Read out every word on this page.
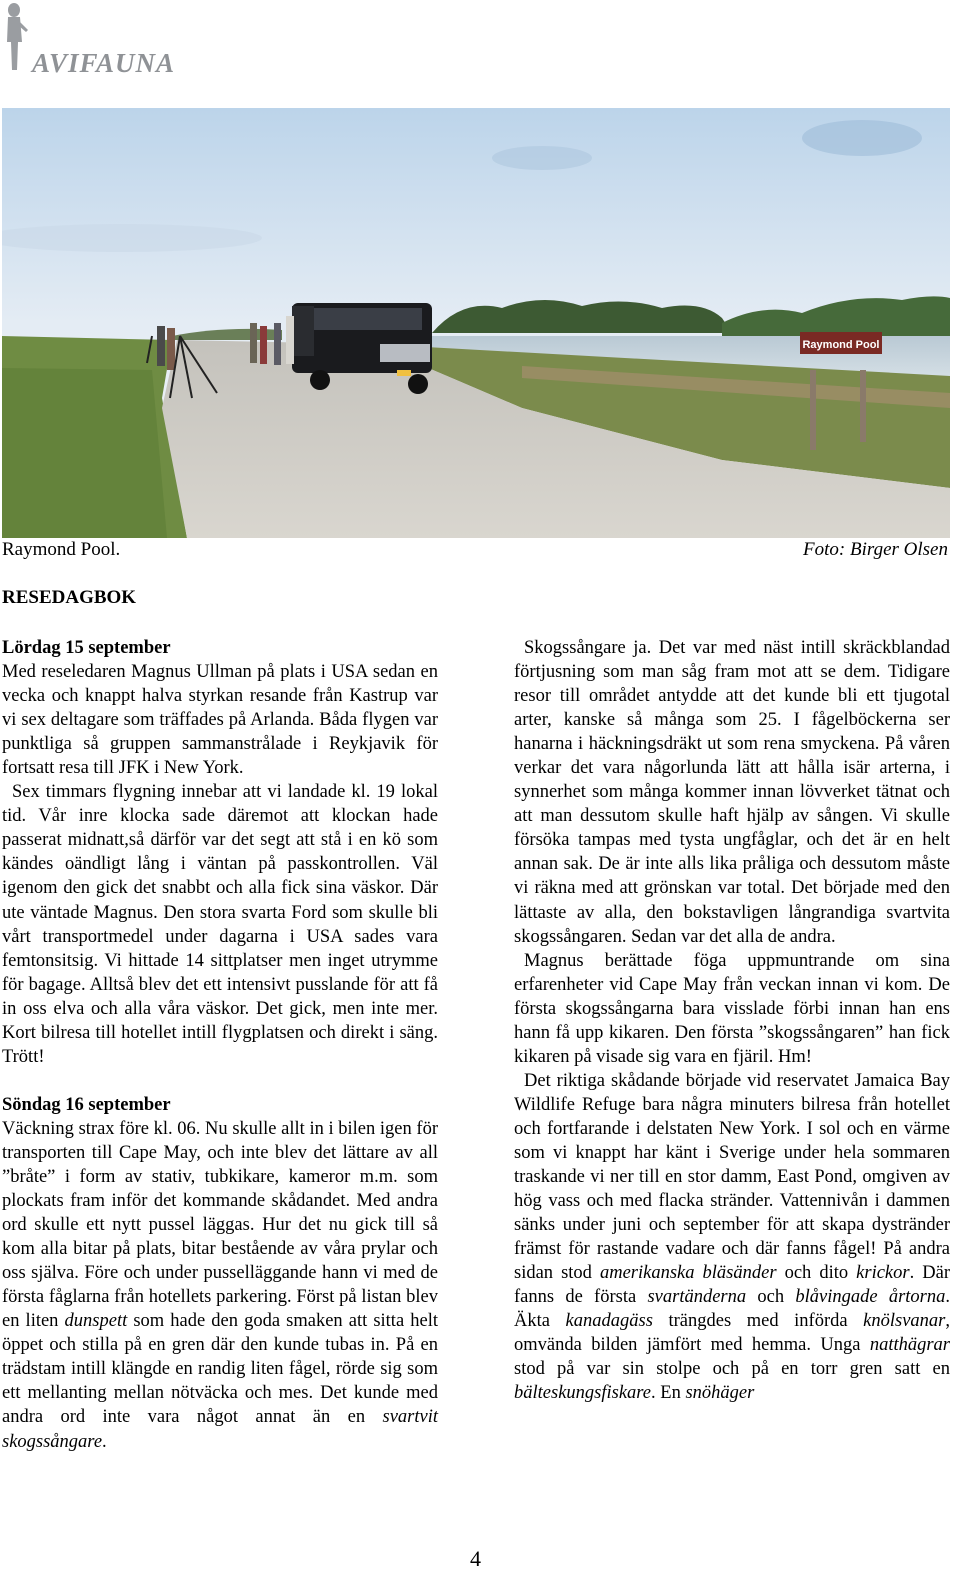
AVIFAUNA
Raymond Pool
Raymond Pool.	Foto: Birger Olsen
RESEDAGBOK

Lördag 15 september

Med reseledaren Magnus Ullman på plats i USA sedan en vecka och knappt halva styrkan resande från Kastrup var vi sex deltagare som träffades på Arlanda. Båda flygen var punktliga så gruppen sammanstrålade i Reykjavik för fortsatt resa till JFK i New York.

Sex timmars flygning innebar att vi landade kl. 19 lokal tid. Vår inre klocka sade däremot att klockan hade passerat midnatt,så därför var det segt att stå i en kö som kändes oändligt lång i väntan på passkontrollen. Väl igenom den gick det snabbt och alla fick sina väskor. Där ute väntade Magnus. Den stora svarta Ford som skulle bli vårt transportmedel under dagarna i USA sades vara femtonsitsig. Vi hittade 14 sittplatser men inget utrymme för bagage. Alltså blev det ett intensivt pusslande för att få in oss elva och alla våra väskor. Det gick, men inte mer. Kort bilresa till hotellet intill flygplatsen och direkt i säng. Trött!

Söndag 16 september

Väckning strax före kl. 06. Nu skulle allt in i bilen igen för transporten till Cape May, och inte blev det lättare av all ”bråte” i form av stativ, tubkikare, kameror m.m. som plockats fram inför det kommande skådandet. Med andra ord skulle ett nytt pussel läggas. Hur det nu gick till så kom alla bitar på plats, bitar bestående av våra prylar och oss själva. Före och under pusselläggande hann vi med de första fåglarna från hotellets parkering. Först på listan blev en liten dunspett som hade den goda smaken att sitta helt öppet och stilla på en gren där den kunde tubas in. På en trädstam intill klängde en randig liten fågel, rörde sig som ett mellanting mellan nötväcka och mes. Det kunde med andra ord inte vara något annat än en svartvit skogssångare.

Skogssångare ja. Det var med näst intill skräckblandad förtjusning som man såg fram mot att se dem. Tidigare resor till området antydde att det kunde bli ett tjugotal arter, kanske så många som 25. I fågelböckerna ser hanarna i häckningsdräkt ut som rena smyckena. På våren verkar det vara någorlunda lätt att hålla isär arterna, i synnerhet som många kommer innan lövverket tätnat och att man dessutom skulle haft hjälp av sången. Vi skulle försöka tampas med tysta ungfåglar, och det är en helt annan sak. De är inte alls lika pråliga och dessutom måste vi räkna med att grönskan var total. Det började med den lättaste av alla, den bokstavligen långrandiga svartvita skogssångaren. Sedan var det alla de andra.

Magnus berättade föga uppmuntrande om sina erfarenheter vid Cape May från veckan innan vi kom. De första skogssångarna bara visslade förbi innan han ens hann få upp kikaren. Den första ”skogssångaren” han fick kikaren på visade sig vara en fjäril. Hm!

Det riktiga skådande började vid reservatet Jamaica Bay Wildlife Refuge bara några minuters bilresa från hotellet och fortfarande i delstaten New York. I sol och en värme som vi knappt har känt i Sverige under hela sommaren traskande vi ner till en stor damm, East Pond, omgiven av hög vass och med flacka stränder. Vattennivån i dammen sänks under juni och september för att skapa dystränder främst för rastande vadare och där fanns fågel! På andra sidan stod amerikanska bläsänder och dito krickor. Där fanns de första svartänderna och blåvingade årtorna. Äkta kanadagäss trängdes med införda knölsvanar, omvända bilden jämfört med hemma. Unga natthägrar stod på var sin stolpe och på en torr gren satt en bälteskungsfiskare. En snöhäger

4
